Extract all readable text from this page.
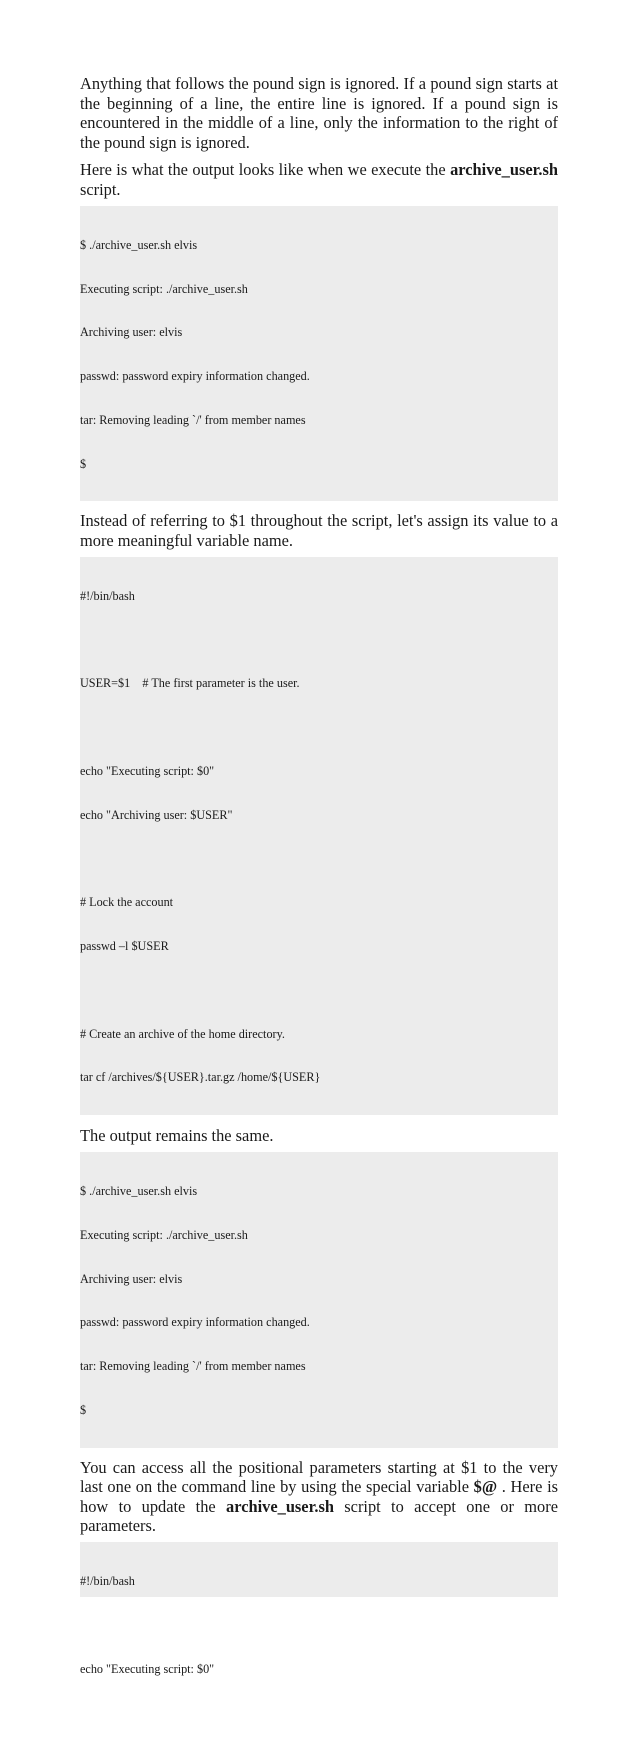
Anything that follows the pound sign is ignored. If a pound sign starts at the beginning of a line, the entire line is ignored. If a pound sign is encountered in the middle of a line, only the information to the right of the pound sign is ignored.

Here is what the output looks like when we execute the archive_user.sh script.

$ ./archive_user.sh elvis

Executing script: ./archive_user.sh

Archiving user: elvis

passwd: password expiry information changed.

tar: Removing leading `/' from member names

$

Instead of referring to $1 throughout the script, let's assign its value to a more meaningful variable name.

#!/bin/bash

USER=$1    # The first parameter is the user.

echo "Executing script: $0"

echo "Archiving user: $USER"

# Lock the account

passwd –l $USER

# Create an archive of the home directory.

tar cf /archives/${USER}.tar.gz /home/${USER}

The output remains the same.

$ ./archive_user.sh elvis

Executing script: ./archive_user.sh

Archiving user: elvis

passwd: password expiry information changed.

tar: Removing leading `/' from member names

$

You can access all the positional parameters starting at $1 to the very last one on the command line by using the special variable $@ . Here is how to update the archive_user.sh script to accept one or more parameters.

#!/bin/bash

echo "Executing script: $0"
